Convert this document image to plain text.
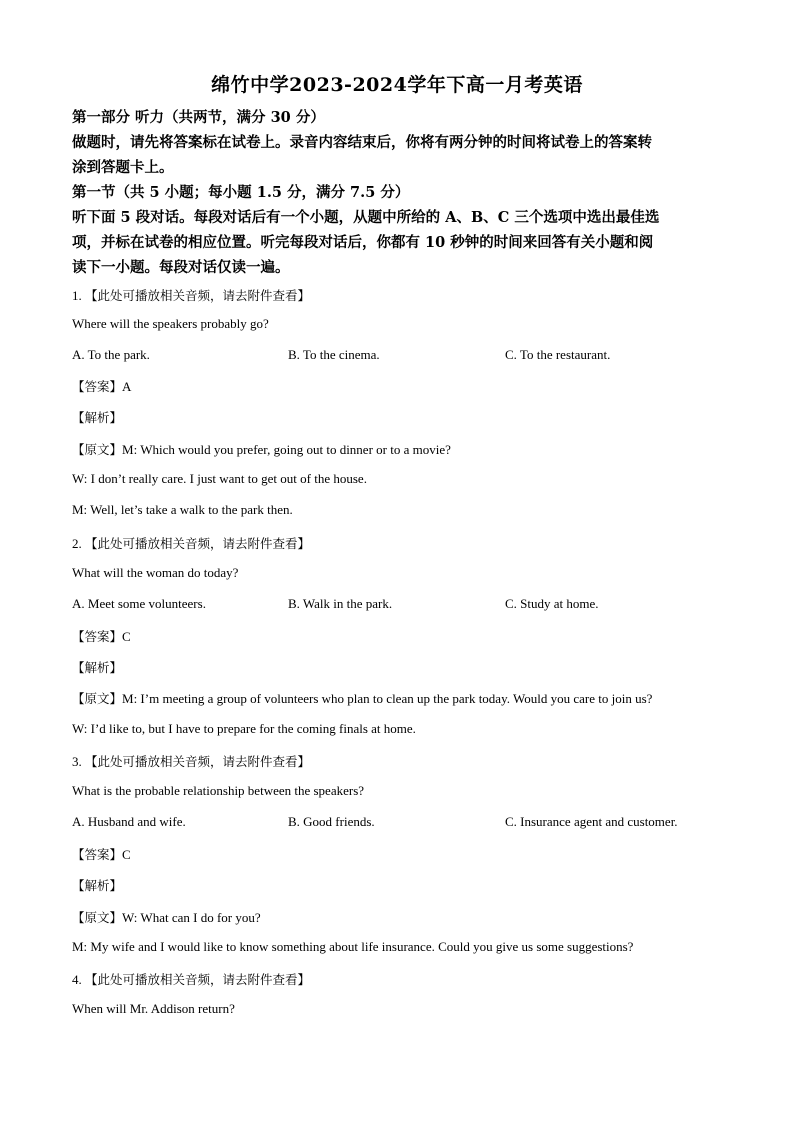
绵竹中学2023-2024学年下高一月考英语
第一部分 听力（共两节，满分 30 分）
做题时，请先将答案标在试卷上。录音内容结束后，你将有两分钟的时间将试卷上的答案转
涂到答题卡上。
第一节（共 5 小题；每小题 1.5 分，满分 7.5 分）
听下面 5 段对话。每段对话后有一个小题，从题中所给的 A、B、C 三个选项中选出最佳选
项，并标在试卷的相应位置。听完每段对话后，你都有 10 秒钟的时间来回答有关小题和阅
读下一小题。每段对话仅读一遍。
1. 【此处可播放相关音频，请去附件查看】
Where will the speakers probably go?
A. To the park.	B. To the cinema.	C. To the restaurant.
【答案】A
【解析】
【原文】M: Which would you prefer, going out to dinner or to a movie?
W: I don’t really care. I just want to get out of the house.
M: Well, let’s take a walk to the park then.
2. 【此处可播放相关音频，请去附件查看】
What will the woman do today?
A. Meet some volunteers.	B. Walk in the park.	C. Study at home.
【答案】C
【解析】
【原文】M: I’m meeting a group of volunteers who plan to clean up the park today. Would you care to join us?
W: I’d like to, but I have to prepare for the coming finals at home.
3. 【此处可播放相关音频，请去附件查看】
What is the probable relationship between the speakers?
A. Husband and wife.	B. Good friends.	C. Insurance agent and customer.
【答案】C
【解析】
【原文】W: What can I do for you?
M: My wife and I would like to know something about life insurance. Could you give us some suggestions?
4. 【此处可播放相关音频，请去附件查看】
When will Mr. Addison return?
